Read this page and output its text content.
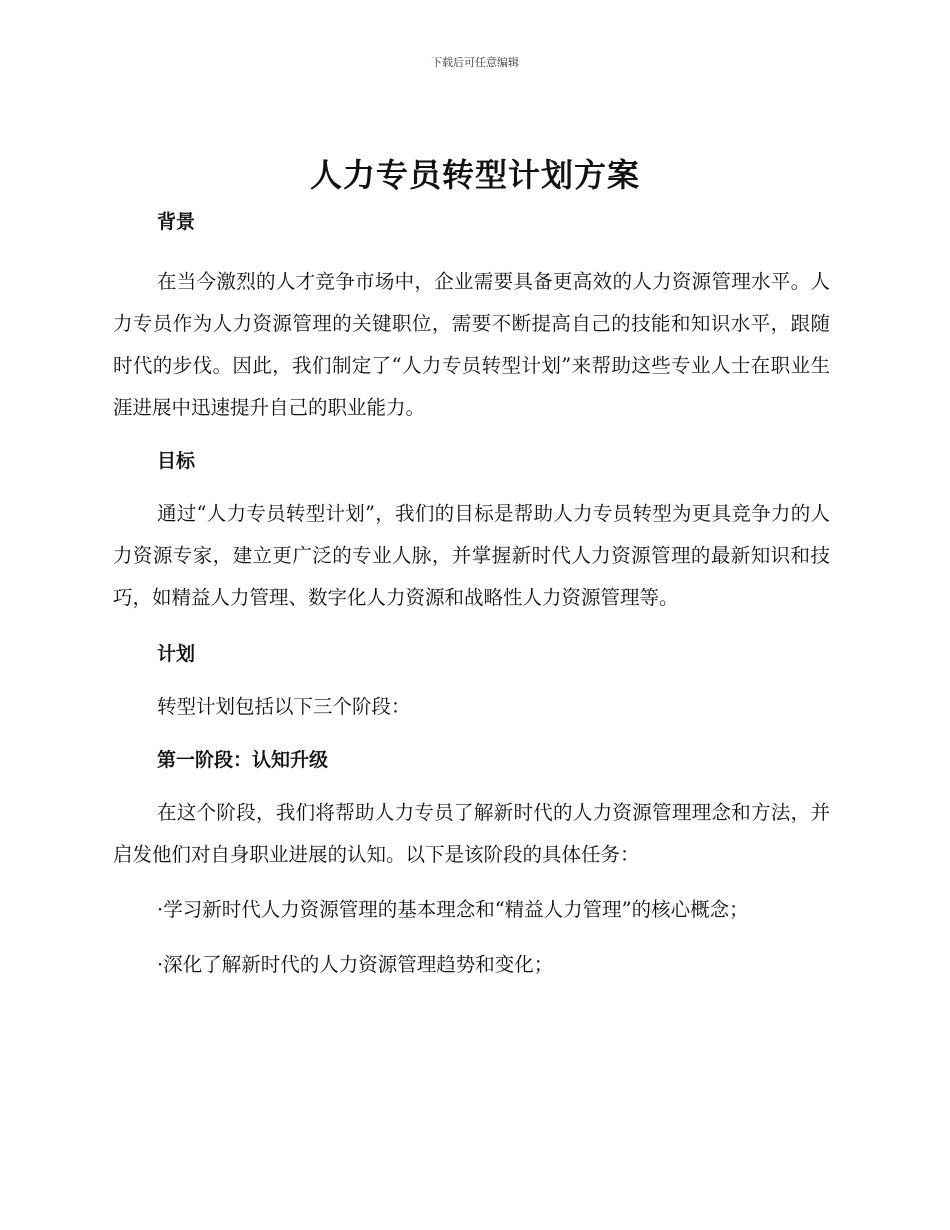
下载后可任意编辑
人力专员转型计划方案

背景

在当今激烈的人才竞争市场中，企业需要具备更高效的人力资源管理水平。人力专员作为人力资源管理的关键职位，需要不断提高自己的技能和知识水平，跟随时代的步伐。因此，我们制定了“人力专员转型计划”来帮助这些专业人士在职业生涯进展中迅速提升自己的职业能力。

目标

通过“人力专员转型计划”，我们的目标是帮助人力专员转型为更具竞争力的人力资源专家，建立更广泛的专业人脉，并掌握新时代人力资源管理的最新知识和技巧，如精益人力管理、数字化人力资源和战略性人力资源管理等。

计划

转型计划包括以下三个阶段：

第一阶段：认知升级

在这个阶段，我们将帮助人力专员了解新时代的人力资源管理理念和方法，并启发他们对自身职业进展的认知。以下是该阶段的具体任务：

·学习新时代人力资源管理的基本理念和“精益人力管理”的核心概念；

·深化了解新时代的人力资源管理趋势和变化；
